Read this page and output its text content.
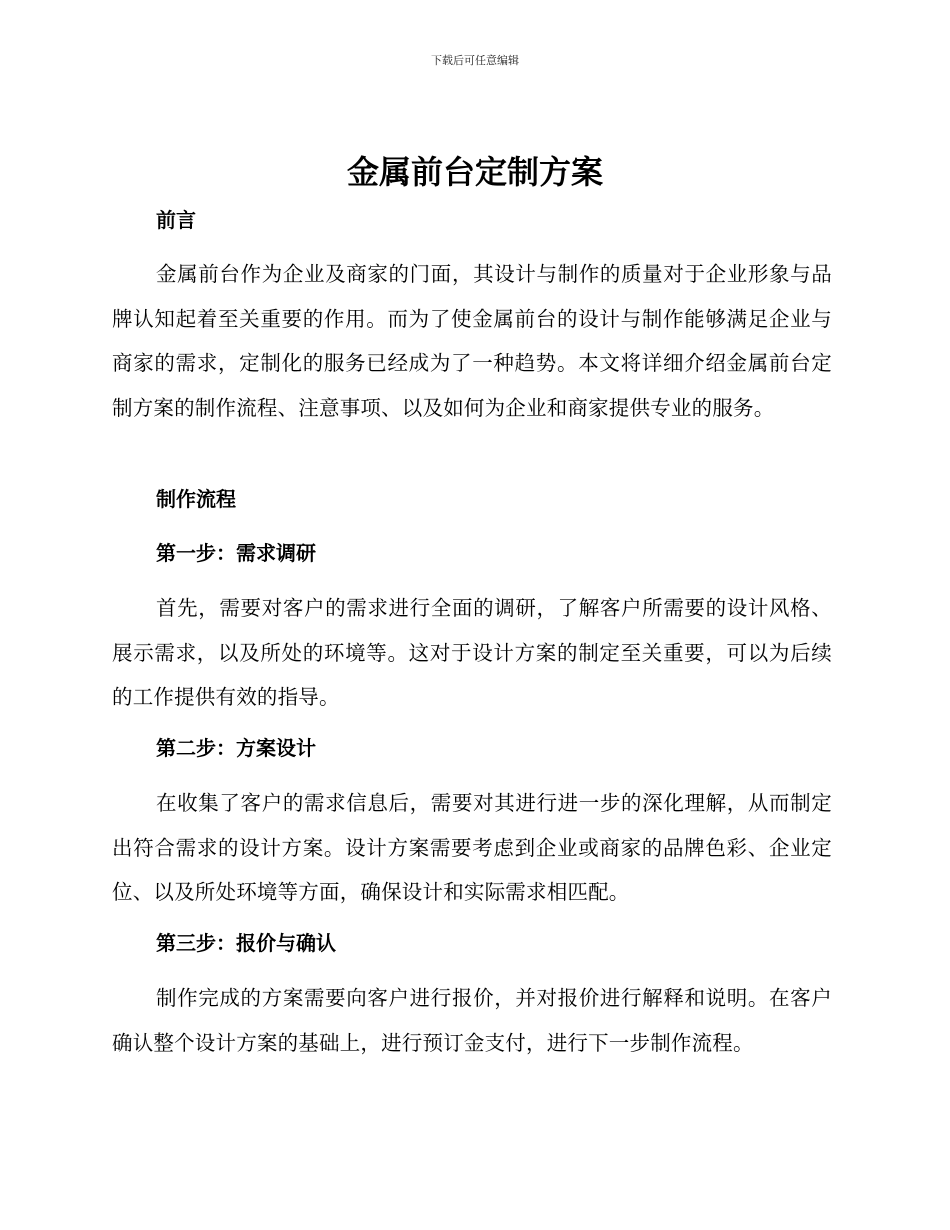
下载后可任意编辑
金属前台定制方案
前言

金属前台作为企业及商家的门面，其设计与制作的质量对于企业形象与品牌认知起着至关重要的作用。而为了使金属前台的设计与制作能够满足企业与商家的需求，定制化的服务已经成为了一种趋势。本文将详细介绍金属前台定制方案的制作流程、注意事项、以及如何为企业和商家提供专业的服务。

制作流程
第一步：需求调研

首先，需要对客户的需求进行全面的调研，了解客户所需要的设计风格、展示需求，以及所处的环境等。这对于设计方案的制定至关重要，可以为后续的工作提供有效的指导。

第二步：方案设计

在收集了客户的需求信息后，需要对其进行进一步的深化理解，从而制定出符合需求的设计方案。设计方案需要考虑到企业或商家的品牌色彩、企业定位、以及所处环境等方面，确保设计和实际需求相匹配。

第三步：报价与确认

制作完成的方案需要向客户进行报价，并对报价进行解释和说明。在客户确认整个设计方案的基础上，进行预订金支付，进行下一步制作流程。
